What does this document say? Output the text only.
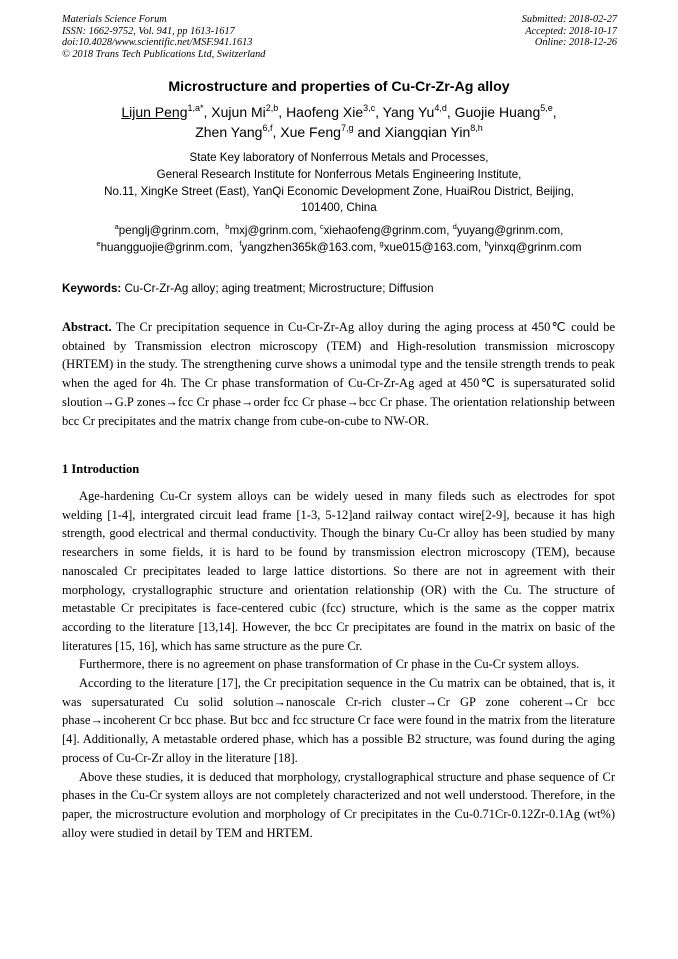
Materials Science Forum
ISSN: 1662-9752, Vol. 941, pp 1613-1617
doi:10.4028/www.scientific.net/MSF.941.1613
© 2018 Trans Tech Publications Ltd, Switzerland
Submitted: 2018-02-27
Accepted: 2018-10-17
Online: 2018-12-26
Microstructure and properties of Cu-Cr-Zr-Ag alloy
Lijun Peng$^{1,a*}$, Xujun Mi$^{2,b}$, Haofeng Xie$^{3,c}$, Yang Yu$^{4,d}$, Guojie Huang$^{5,e}$,
Zhen Yang$^{6,f}$, Xue Feng$^{7,g}$ and Xiangqian Yin$^{8,h}$
State Key laboratory of Nonferrous Metals and Processes,
General Research Institute for Nonferrous Metals Engineering Institute,
No.11, XingKe Street (East), YanQi Economic Development Zone, HuaiRou District, Beijing,
101400, China
$^a$penglj@grinm.com,  $^b$mxj@grinm.com, $^c$xiehaofeng@grinm.com, $^d$yuyang@grinm.com,
$^e$huangguojie@grinm.com,  $^f$yangzhen365k@163.com, $^g$xue015@163.com, $^h$yinxq@grinm.com
Keywords: Cu-Cr-Zr-Ag alloy; aging treatment; Microstructure; Diffusion
Abstract. The Cr precipitation sequence in Cu-Cr-Zr-Ag alloy during the aging process at 450℃ could be obtained by Transmission electron microscopy (TEM) and High-resolution transmission microscopy (HRTEM) in the study. The strengthening curve shows a unimodal type and the tensile strength trends to peak when the aged for 4h. The Cr phase transformation of Cu-Cr-Zr-Ag aged at 450℃ is supersaturated solid sloution→G.P zones→fcc Cr phase→order fcc Cr phase→bcc Cr phase. The orientation relationship between bcc Cr precipitates and the matrix change from cube-on-cube to NW-OR.
1 Introduction

Age-hardening Cu-Cr system alloys can be widely uesed in many fileds such as electrodes for spot welding [1-4], intergrated circuit lead frame [1-3, 5-12]and railway contact wire[2-9], because it has high strength, good electrical and thermal conductivity. Though the binary Cu-Cr alloy has been studied by many researchers in some fields, it is hard to be found by transmission electron microscopy (TEM), because nanoscaled Cr precipitates leaded to large lattice distortions. So there are not in agreement with their morphology, crystallographic structure and orientation relationship (OR) with the Cu. The structure of metastable Cr precipitates is face-centered cubic (fcc) structure, which is the same as the copper matrix according to the literature [13,14]. However, the bcc Cr precipitates are found in the matrix on basic of the literatures [15, 16], which has same structure as the pure Cr.

Furthermore, there is no agreement on phase transformation of Cr phase in the Cu-Cr system alloys.

According to the literature [17], the Cr precipitation sequence in the Cu matrix can be obtained, that is, it was supersaturated Cu solid solution→nanoscale Cr-rich cluster→Cr GP zone coherent→Cr bcc phase→incoherent Cr bcc phase. But bcc and fcc structure Cr face were found in the matrix from the literature [4]. Additionally, A metastable ordered phase, which has a possible B2 structure, was found during the aging process of Cu-Cr-Zr alloy in the literature [18].

Above these studies, it is deduced that morphology, crystallographical structure and phase sequence of Cr phases in the Cu-Cr system alloys are not completely characterized and not well understood. Therefore, in the paper, the microstructure evolution and morphology of Cr precipitates in the Cu-0.71Cr-0.12Zr-0.1Ag (wt%) alloy were studied in detail by TEM and HRTEM.
